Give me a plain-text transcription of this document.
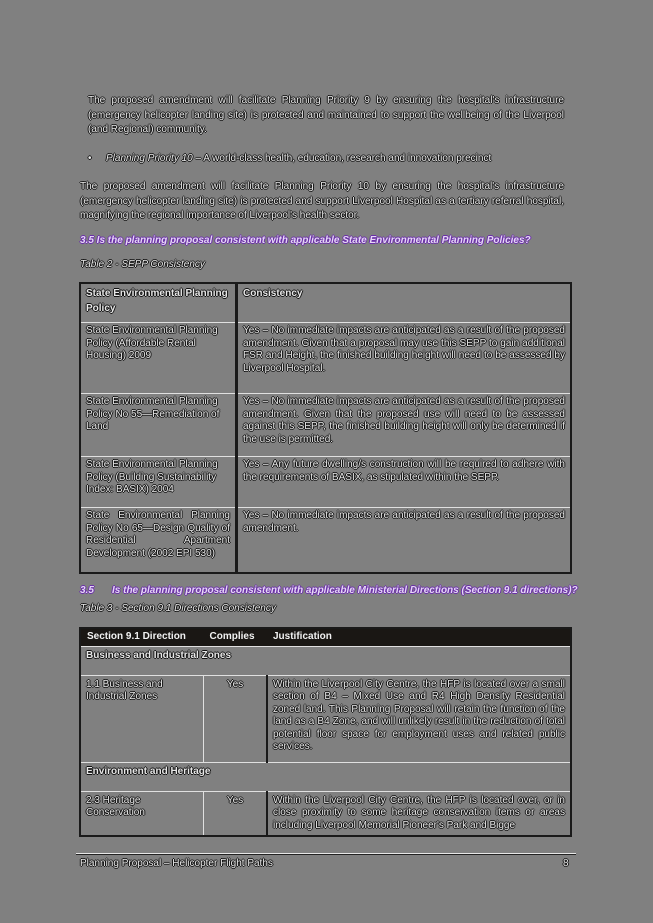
The proposed amendment will facilitate Planning Priority 9 by ensuring the hospital's infrastructure (emergency helicopter landing site) is protected and maintained to support the wellbeing of the Liverpool (and Regional) community.
• Planning Priority 10 – A world-class health, education, research and innovation precinct
The proposed amendment will facilitate Planning Priority 10 by ensuring the hospital's infrastructure (emergency helicopter landing site) is protected and support Liverpool Hospital as a tertiary referral hospital, magnifying the regional importance of Liverpool's health sector.
3.5 Is the planning proposal consistent with applicable State Environmental Planning Policies?
Table 2 - SEPP Consistency
State Environmental Planning Policy	Consistency
State Environmental Planning Policy (Affordable Rental Housing) 2009	Yes – No immediate impacts are anticipated as a result of the proposed amendment. Given that a proposal may use this SEPP to gain additional FSR and Height, the finished building height will need to be assessed by Liverpool Hospital.
State Environmental Planning Policy No 55—Remediation of Land	Yes – No immediate impacts are anticipated as a result of the proposed amendment. Given that the proposed use will need to be assessed against this SEPP, the finished building height will only be determined if the use is permitted.
State Environmental Planning Policy (Building Sustainability Index: BASIX) 2004	Yes – Any future dwelling/s construction will be required to adhere with the requirements of BASIX, as stipulated within the SEPP.
State Environmental Planning Policy No 65—Design Quality of Residential Apartment Development (2002 EPI 530)	Yes – No immediate impacts are anticipated as a result of the proposed amendment.
3.5 Is the planning proposal consistent with applicable Ministerial Directions (Section 9.1 directions)?
Table 3 - Section 9.1 Directions Consistency
Section 9.1 Direction	Complies	Justification
Business and Industrial Zones		
1.1 Business and Industrial Zones	Yes	Within the Liverpool City Centre, the HFP is located over a small section of B4 – Mixed Use and R4 High Density Residential zoned land. This Planning Proposal will retain the function of the land as a B4 Zone, and will unlikely result in the reduction of total potential floor space for employment uses and related public services.
Environment and Heritage		
2.3 Heritage Conservation	Yes	Within the Liverpool City Centre, the HFP is located over, or in close proximity to some heritage conservation items or areas including Liverpool Memorial Pioneer's Park and Bigge
Planning Proposal – Helicopter Flight Paths	8
